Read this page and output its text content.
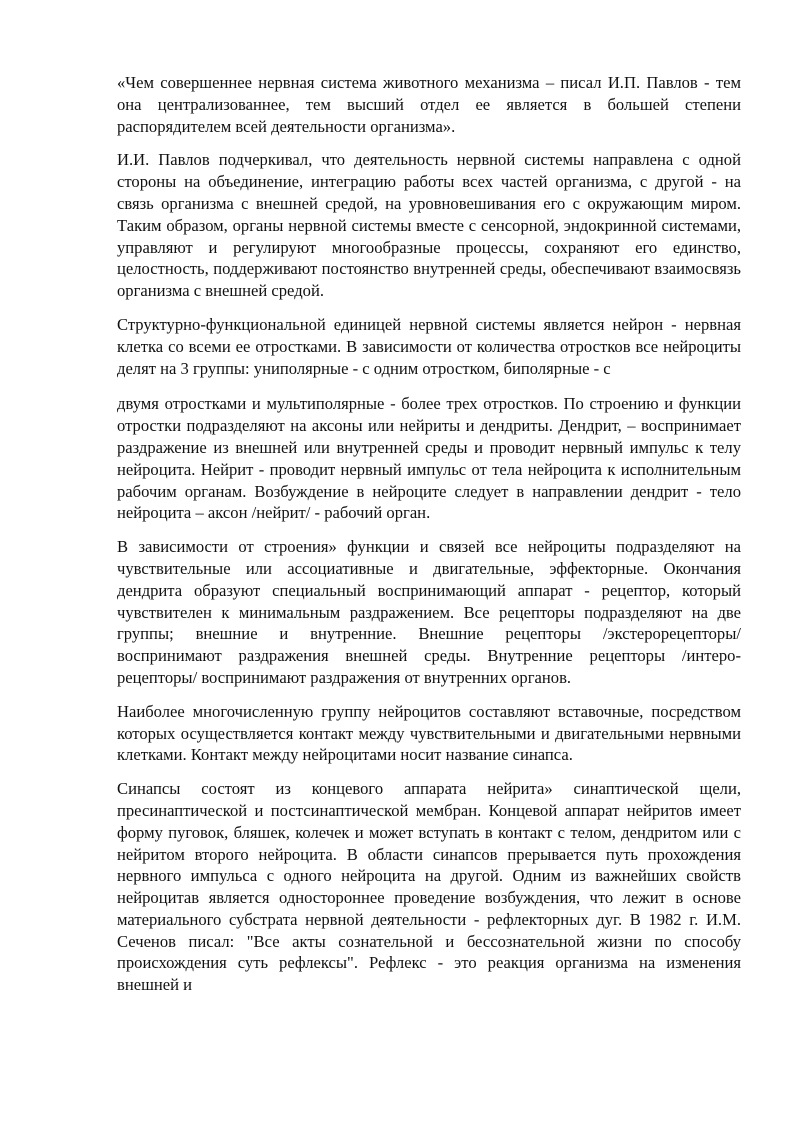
«Чем совершеннее нервная система животного механизма – писал И.П. Павлов - тем она централизованнее, тем высший отдел ее является в большей степени распорядителем всей деятельности организма».

И.И. Павлов подчеркивал, что деятельность нервной системы направлена с одной стороны на объединение, интеграцию работы всех частей организма, с другой - на связь организма с внешней средой, на уровновешивания его с окружающим миром. Таким образом, органы нервной системы вместе с сенсорной, эндокринной системами, управляют и регулируют многообразные процессы, сохраняют его единство, целостность, поддерживают постоянство внутренней среды, обеспечивают взаимосвязь организма с внешней средой.

Структурно-функциональной единицей нервной системы является нейрон - нервная клетка со всеми ее отростками. В зависимости от количества отростков все нейроциты делят на 3 группы: униполярные - с одним отростком, биполярные - с

двумя отростками и мультиполярные - более трех отростков. По строению и функции отростки подразделяют на аксоны или нейриты и дендриты. Дендрит, – воспринимает раздражение из внешней или внутренней среды и проводит нервный импульс к телу нейроцита. Нейрит - проводит нервный импульс от тела нейроцита к исполнительным рабочим органам. Возбуждение в нейроците следует в направлении дендрит - тело нейроцита – аксон /нейрит/ - рабочий орган.

В зависимости от строения» функции и связей все нейроциты подразделяют на чувствительные или ассоциативные и двигательные, эффекторные. Окончания дендрита образуют специальный воспринимающий аппарат - рецептор, который чувствителен к минимальным раздражением. Все рецепторы подразделяют на две группы; внешние и внутренние. Внешние рецепторы /экстерорецепторы/ воспринимают раздражения внешней среды. Внутренние рецепторы /интеро-рецепторы/ воспринимают раздражения от внутренних органов.

Наиболее многочисленную группу нейроцитов составляют вставочные, посредством которых осуществляется контакт между чувствительными и двигательными нервными клетками. Контакт между нейроцитами носит название синапса.

Синапсы состоят из концевого аппарата нейрита» синаптической щели, пресинаптической и постсинаптической мембран. Концевой аппарат нейритов имеет форму пуговок, бляшек, колечек и может вступать в контакт с телом, дендритом или с нейритом второго нейроцита. В области синапсов прерывается путь прохождения нервного импульса с одного нейроцита на другой. Одним из важнейших свойств нейроцитав является одностороннее проведение возбуждения, что лежит в основе материального субстрата нервной деятельности - рефлекторных дуг. В 1982 г. И.М. Сеченов писал: "Все акты сознательной и бессознательной жизни по способу происхождения суть рефлексы". Рефлекс - это реакция организма на изменения внешней и
